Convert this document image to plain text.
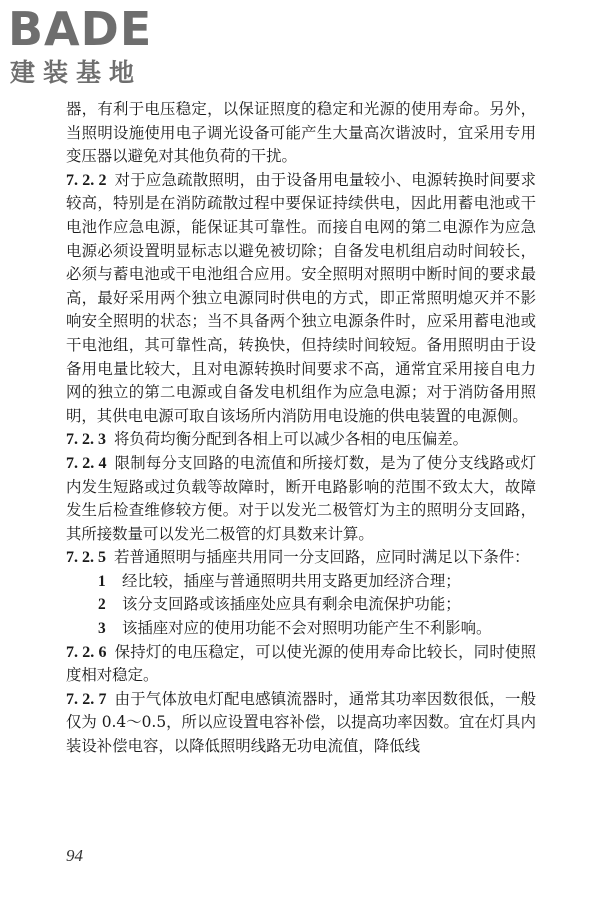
BADE
建装基地

器，有利于电压稳定，以保证照度的稳定和光源的使用寿命。另外，当照明设施使用电子调光设备可能产生大量高次谐波时，宜采用专用变压器以避免对其他负荷的干扰。

7. 2. 2 对于应急疏散照明，由于设备用电量较小、电源转换时间要求较高，特别是在消防疏散过程中要保证持续供电，因此用蓄电池或干电池作应急电源，能保证其可靠性。而接自电网的第二电源作为应急电源必须设置明显标志以避免被切除；自备发电机组启动时间较长，必须与蓄电池或干电池组合应用。安全照明对照明中断时间的要求最高，最好采用两个独立电源同时供电的方式，即正常照明熄灭并不影响安全照明的状态；当不具备两个独立电源条件时，应采用蓄电池或干电池组，其可靠性高，转换快，但持续时间较短。备用照明由于设备用电量比较大，且对电源转换时间要求不高，通常宜采用接自电力网的独立的第二电源或自备发电机组作为应急电源；对于消防备用照明，其供电电源可取自该场所内消防用电设施的供电装置的电源侧。

7. 2. 3 将负荷均衡分配到各相上可以减少各相的电压偏差。

7. 2. 4 限制每分支回路的电流值和所接灯数，是为了使分支线路或灯内发生短路或过负载等故障时，断开电路影响的范围不致太大，故障发生后检查维修较方便。对于以发光二极管灯为主的照明分支回路，其所接数量可以发光二极管的灯具数来计算。

7. 2. 5 若普通照明与插座共用同一分支回路，应同时满足以下条件：

1 经比较，插座与普通照明共用支路更加经济合理；

2 该分支回路或该插座处应具有剩余电流保护功能；

3 该插座对应的使用功能不会对照明功能产生不利影响。

7. 2. 6 保持灯的电压稳定，可以使光源的使用寿命比较长，同时使照度相对稳定。

7. 2. 7 由于气体放电灯配电感镇流器时，通常其功率因数很低，一般仅为 0.4～0.5，所以应设置电容补偿，以提高功率因数。宜在灯具内装设补偿电容，以降低照明线路无功电流值，降低线

94
